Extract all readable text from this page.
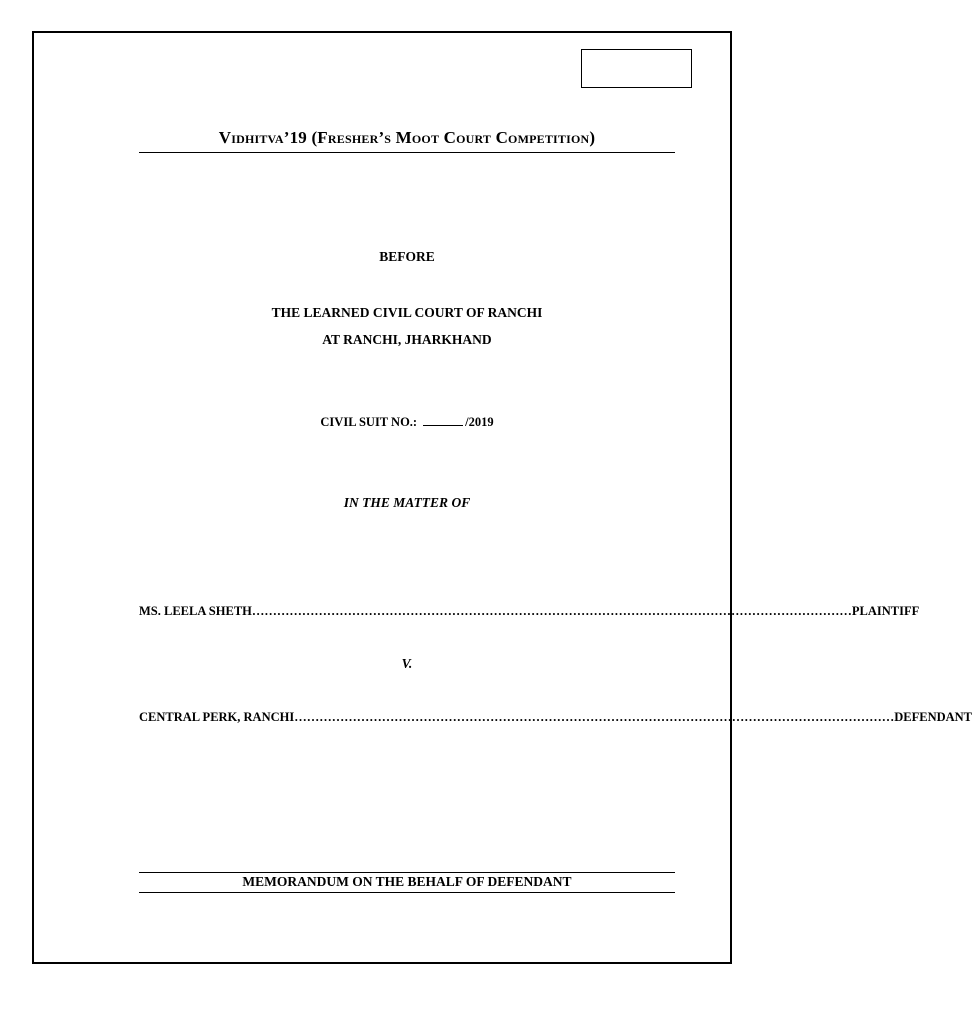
Vidhitva’19 (Fresher’s Moot Court Competition)
BEFORE
THE LEARNED CIVIL COURT OF RANCHI
AT RANCHI, JHARKHAND
CIVIL SUIT NO.:	/2019
IN THE MATTER OF
MS. LEELA SHETH ……………………………………………………………………………………………………………………………… PLAINTIFF
V.
CENTRAL PERK, RANCHI ……………………………………………………………………………………………………………………………… DEFENDANT
MEMORANDUM ON THE BEHALF OF DEFENDANT
